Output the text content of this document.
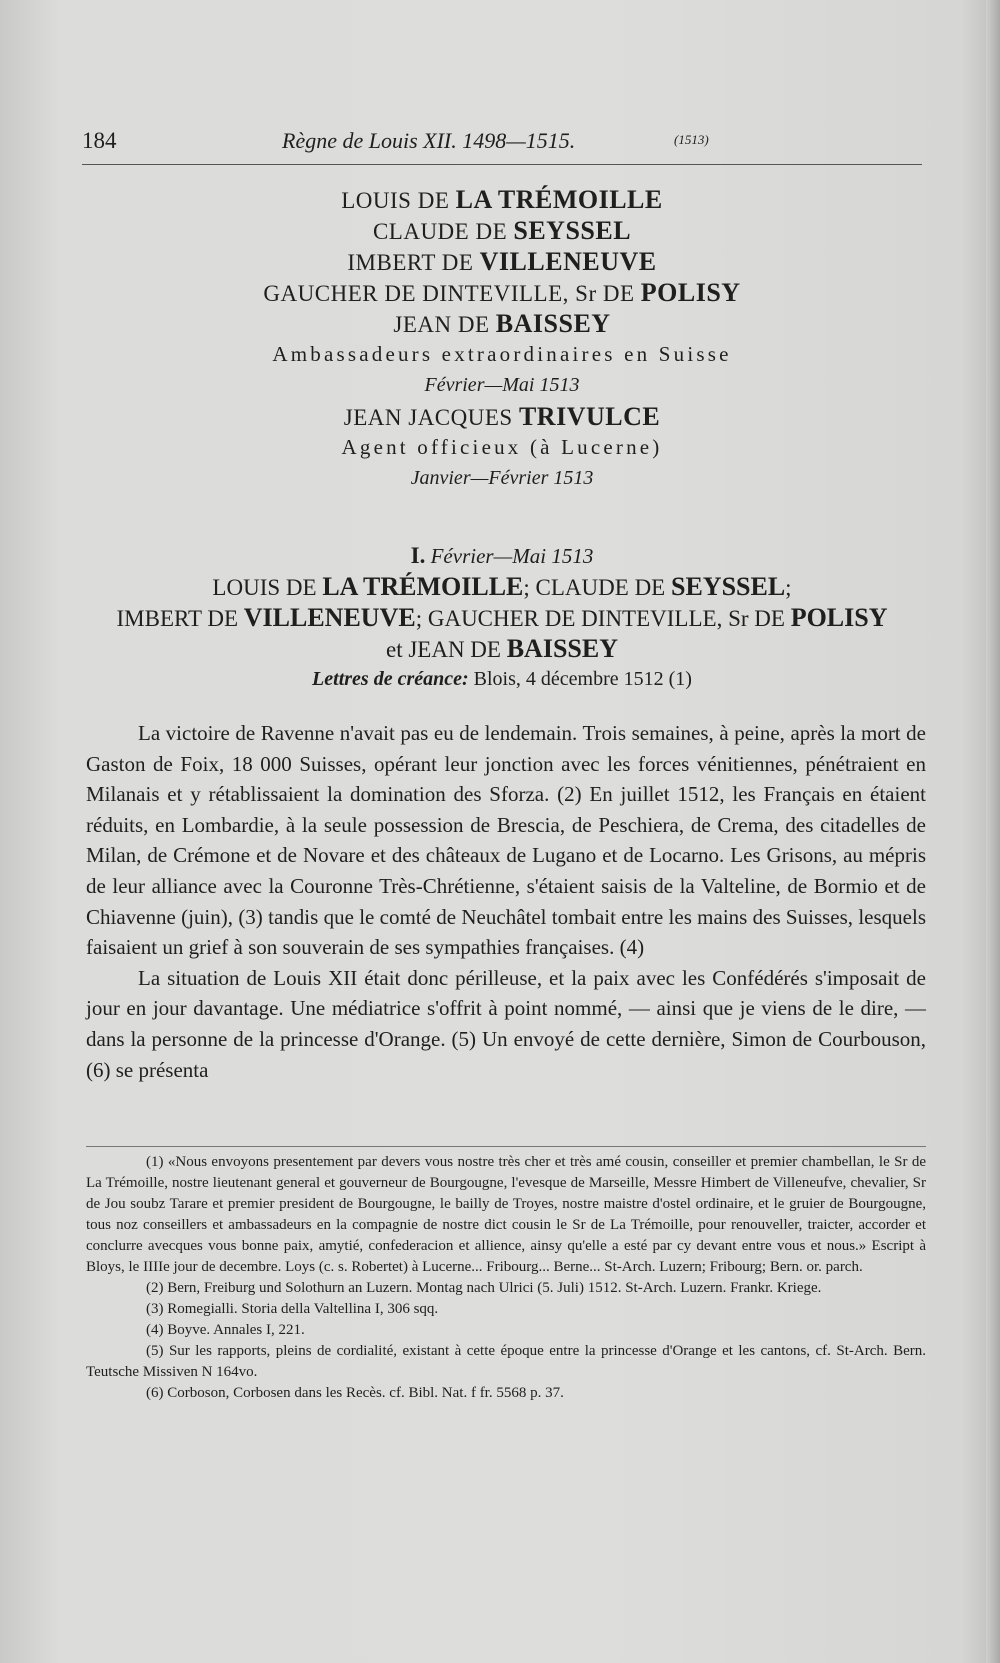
184	Règne de Louis XII. 1498—1515.	(1513)
LOUIS DE LA TRÉMOILLE
CLAUDE DE SEYSSEL
IMBERT DE VILLENEUVE
GAUCHER DE DINTEVILLE, Sr DE POLISY
JEAN DE BAISSEY
Ambassadeurs extraordinaires en Suisse
Février—Mai 1513
JEAN JACQUES TRIVULCE
Agent officieux (à Lucerne)
Janvier—Février 1513
I. Février—Mai 1513
LOUIS DE LA TRÉMOILLE; CLAUDE DE SEYSSEL;
IMBERT DE VILLENEUVE; GAUCHER DE DINTEVILLE, Sr DE POLISY
et JEAN DE BAISSEY
Lettres de créance: Blois, 4 décembre 1512 (1)

La victoire de Ravenne n'avait pas eu de lendemain. Trois semaines, à peine, après la mort de Gaston de Foix, 18 000 Suisses, opérant leur jonction avec les forces vénitiennes, pénétraient en Milanais et y rétablissaient la domination des Sforza. (2) En juillet 1512, les Français en étaient réduits, en Lombardie, à la seule possession de Brescia, de Peschiera, de Crema, des citadelles de Milan, de Crémone et de Novare et des châteaux de Lugano et de Locarno. Les Grisons, au mépris de leur alliance avec la Couronne Très-Chrétienne, s'étaient saisis de la Valteline, de Bormio et de Chiavenne (juin), (3) tandis que le comté de Neuchâtel tombait entre les mains des Suisses, lesquels faisaient un grief à son souverain de ses sympathies françaises. (4)

La situation de Louis XII était donc périlleuse, et la paix avec les Confédérés s'imposait de jour en jour davantage. Une médiatrice s'offrit à point nommé, — ainsi que je viens de le dire, — dans la personne de la princesse d'Orange. (5) Un envoyé de cette dernière, Simon de Courbouson, (6) se présenta

(1) «Nous envoyons presentement par devers vous nostre très cher et très amé cousin, conseiller et premier chambellan, le Sr de La Trémoille, nostre lieutenant general et gouverneur de Bourgougne, l'evesque de Marseille, Messre Himbert de Villeneufve, chevalier, Sr de Jou soubz Tarare et premier president de Bourgougne, le bailly de Troyes, nostre maistre d'ostel ordinaire, et le gruier de Bourgougne, tous noz conseillers et ambassadeurs en la compagnie de nostre dict cousin le Sr de La Trémoille, pour renouveller, traicter, accorder et conclurre avecques vous bonne paix, amytié, confederacion et allience, ainsy qu'elle a esté par cy devant entre vous et nous.» Escript à Bloys, le IIIIe jour de decembre. Loys (c. s. Robertet) à Lucerne... Fribourg... Berne... St-Arch. Luzern; Fribourg; Bern. or. parch.

(2) Bern, Freiburg und Solothurn an Luzern. Montag nach Ulrici (5. Juli) 1512. St-Arch. Luzern. Frankr. Kriege.

(3) Romegialli. Storia della Valtellina I, 306 sqq.

(4) Boyve. Annales I, 221.

(5) Sur les rapports, pleins de cordialité, existant à cette époque entre la princesse d'Orange et les cantons, cf. St-Arch. Bern. Teutsche Missiven N 164vo.

(6) Corboson, Corbosen dans les Recès. cf. Bibl. Nat. f fr. 5568 p. 37.
